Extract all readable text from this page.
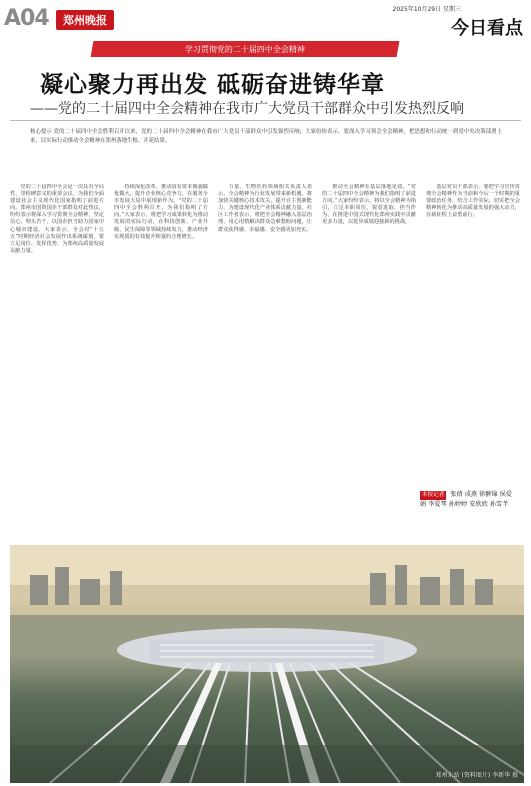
A04	郑州晚报
2025年10月29日 星期三
今日看点
学习贯彻党的二十届四中全会精神
凝心聚力再出发 砥砺奋进铸华章
——党的二十届四中全会精神在我市广大党员干部群众中引发热烈反响
核心提示 党的二十届四中全会胜利召开以来，党的二十届四中全会精神在我市广大党员干部群众中引发强烈反响，大家纷纷表示，要深入学习领会全会精神，把思想和行动统一到党中央决策部署上来，以实际行动推动全会精神在郑州落地生根、开花结果。

党的二十届四中全会是一次具有全局性、里程碑意义的重要会议，为我们全面建设社会主义现代化国家指明了前进方向。郑州市国资国企干部群众对此热议，纷纷表示将深入学习贯彻全会精神，坚定信心、埋头苦干，以国企担当助力国家中心城市建设。大家表示，全会对“十五五”时期经济社会发展作出系统谋划，要立足岗位、发挥优势，为郑州高质量发展贡献力量。

持续深化改革，推动国有资本做强做优做大，提升企业核心竞争力，在服务全市发展大局中展现新作为。“党的二十届四中全会胜利召开，为我们指明了方向。”大家表示，将把学习成果转化为推动发展的实际行动，在科技创新、产业升级、民生保障等领域持续发力，推动经济实现质的有效提升和量的合理增长。

力量。生物医药领域相关负责人表示，全会精神为行业发展带来新机遇，将加快关键核心技术攻关，提升自主创新能力，为建设现代化产业体系贡献力量。社区工作者表示，将把全会精神融入基层治理，用心用情解决群众急难愁盼问题，让群众获得感、幸福感、安全感更加充实。

推动全会精神在基层落地见效。“党的二十届四中全会精神为我们指明了前进方向。”大家纷纷表示，将以全会精神为指引，立足本职岗位，锐意进取，担当作为，在推进中国式现代化郑州实践中贡献更多力量，以优异成绩迎接新的挑战。

基层党员干部表示，要把学习宣传贯彻全会精神作为当前和今后一个时期的重要政治任务，结合工作实际，切实把全会精神转化为推动高质量发展的强大动力，在新征程上奋勇前行。

本报记者 张倩 成燕 徐翀锦 侯爱娟 李爱琴 孙婷婷 安欣欣 孙雪芊
郑州东站 (资料图片) 李新华 摄
